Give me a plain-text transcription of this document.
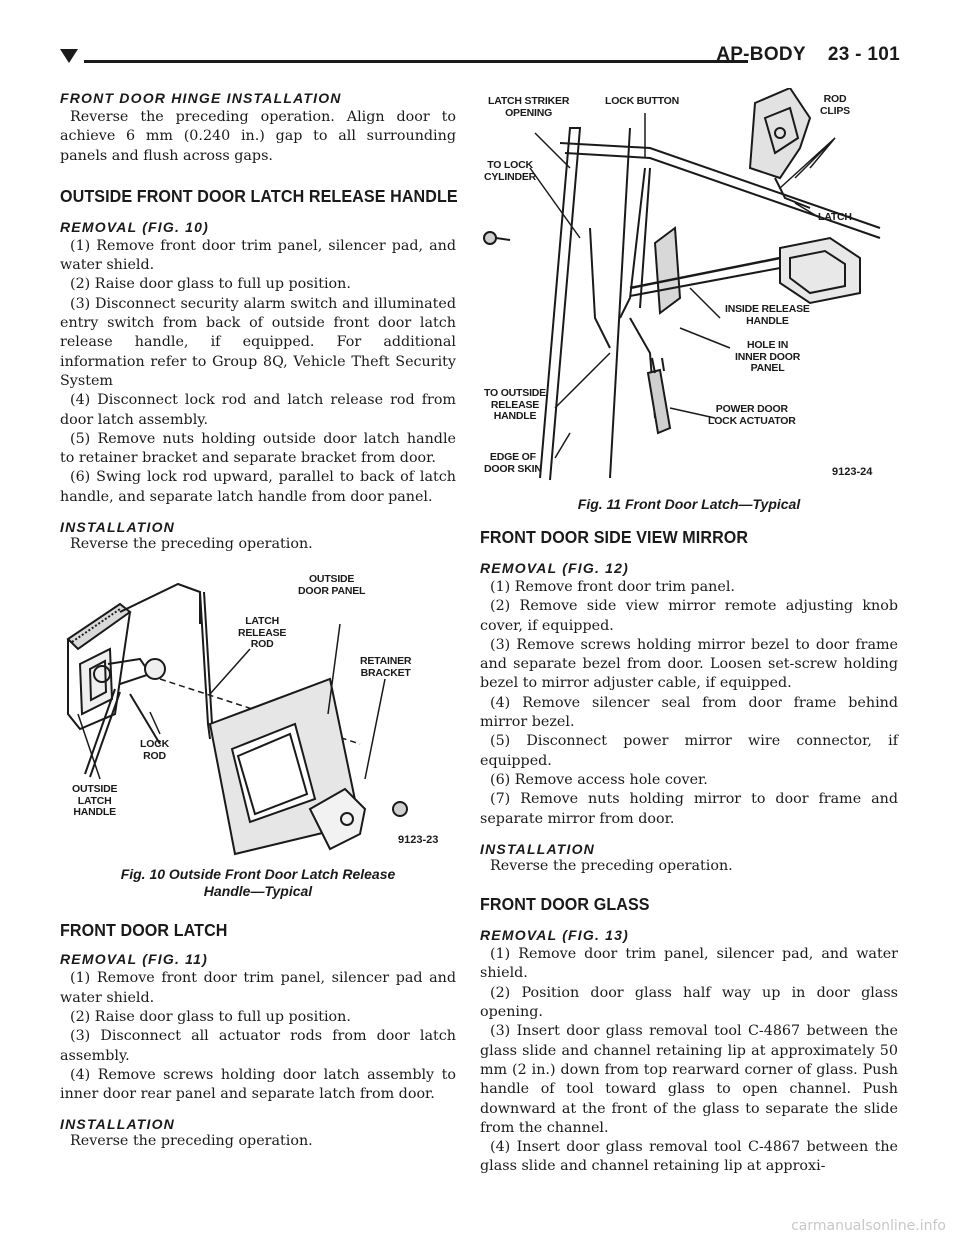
AP-BODY    23 - 101
FRONT DOOR HINGE INSTALLATION
Reverse the preceding operation. Align door to achieve 6 mm (0.240 in.) gap to all surrounding panels and flush across gaps.
OUTSIDE FRONT DOOR LATCH RELEASE HANDLE
REMOVAL (FIG. 10)
(1) Remove front door trim panel, silencer pad, and water shield.
(2) Raise door glass to full up position.
(3) Disconnect security alarm switch and illuminated entry switch from back of outside front door latch release handle, if equipped. For additional information refer to Group 8Q, Vehicle Theft Security System
(4) Disconnect lock rod and latch release rod from door latch assembly.
(5) Remove nuts holding outside door latch handle to retainer bracket and separate bracket from door.
(6) Swing lock rod upward, parallel to back of latch handle, and separate latch handle from door panel.
INSTALLATION
Reverse the preceding operation.
OUTSIDE
DOOR PANEL
LATCH
RELEASE
ROD
RETAINER
BRACKET
LOCK
ROD
OUTSIDE
LATCH
HANDLE
9123-23
Fig. 10 Outside Front Door Latch Release
Handle—Typical
FRONT DOOR LATCH
REMOVAL (FIG. 11)
(1) Remove front door trim panel, silencer pad and water shield.
(2) Raise door glass to full up position.
(3) Disconnect all actuator rods from door latch assembly.
(4) Remove screws holding door latch assembly to inner door rear panel and separate latch from door.
INSTALLATION
Reverse the preceding operation.
LATCH STRIKER
OPENING
LOCK BUTTON	ROD
CLIPS
TO LOCK
CYLINDER
LATCH
INSIDE RELEASE
HANDLE
HOLE IN
INNER DOOR
PANEL
TO OUTSIDE
RELEASE
HANDLE
POWER DOOR
LOCK ACTUATOR
EDGE OF
DOOR SKIN	9123-24
Fig. 11 Front Door Latch—Typical
FRONT DOOR SIDE VIEW MIRROR
REMOVAL (FIG. 12)
(1) Remove front door trim panel.
(2) Remove side view mirror remote adjusting knob cover, if equipped.
(3) Remove screws holding mirror bezel to door frame and separate bezel from door. Loosen set-screw holding bezel to mirror adjuster cable, if equipped.
(4) Remove silencer seal from door frame behind mirror bezel.
(5) Disconnect power mirror wire connector, if equipped.
(6) Remove access hole cover.
(7) Remove nuts holding mirror to door frame and separate mirror from door.
INSTALLATION
Reverse the preceding operation.
FRONT DOOR GLASS
REMOVAL (FIG. 13)
(1) Remove door trim panel, silencer pad, and water shield.
(2) Position door glass half way up in door glass opening.
(3) Insert door glass removal tool C-4867 between the glass slide and channel retaining lip at approximately 50 mm (2 in.) down from top rearward corner of glass. Push handle of tool toward glass to open channel. Push downward at the front of the glass to separate the slide from the channel.
(4) Insert door glass removal tool C-4867 between the glass slide and channel retaining lip at approxi-
carmanualsonline.info
